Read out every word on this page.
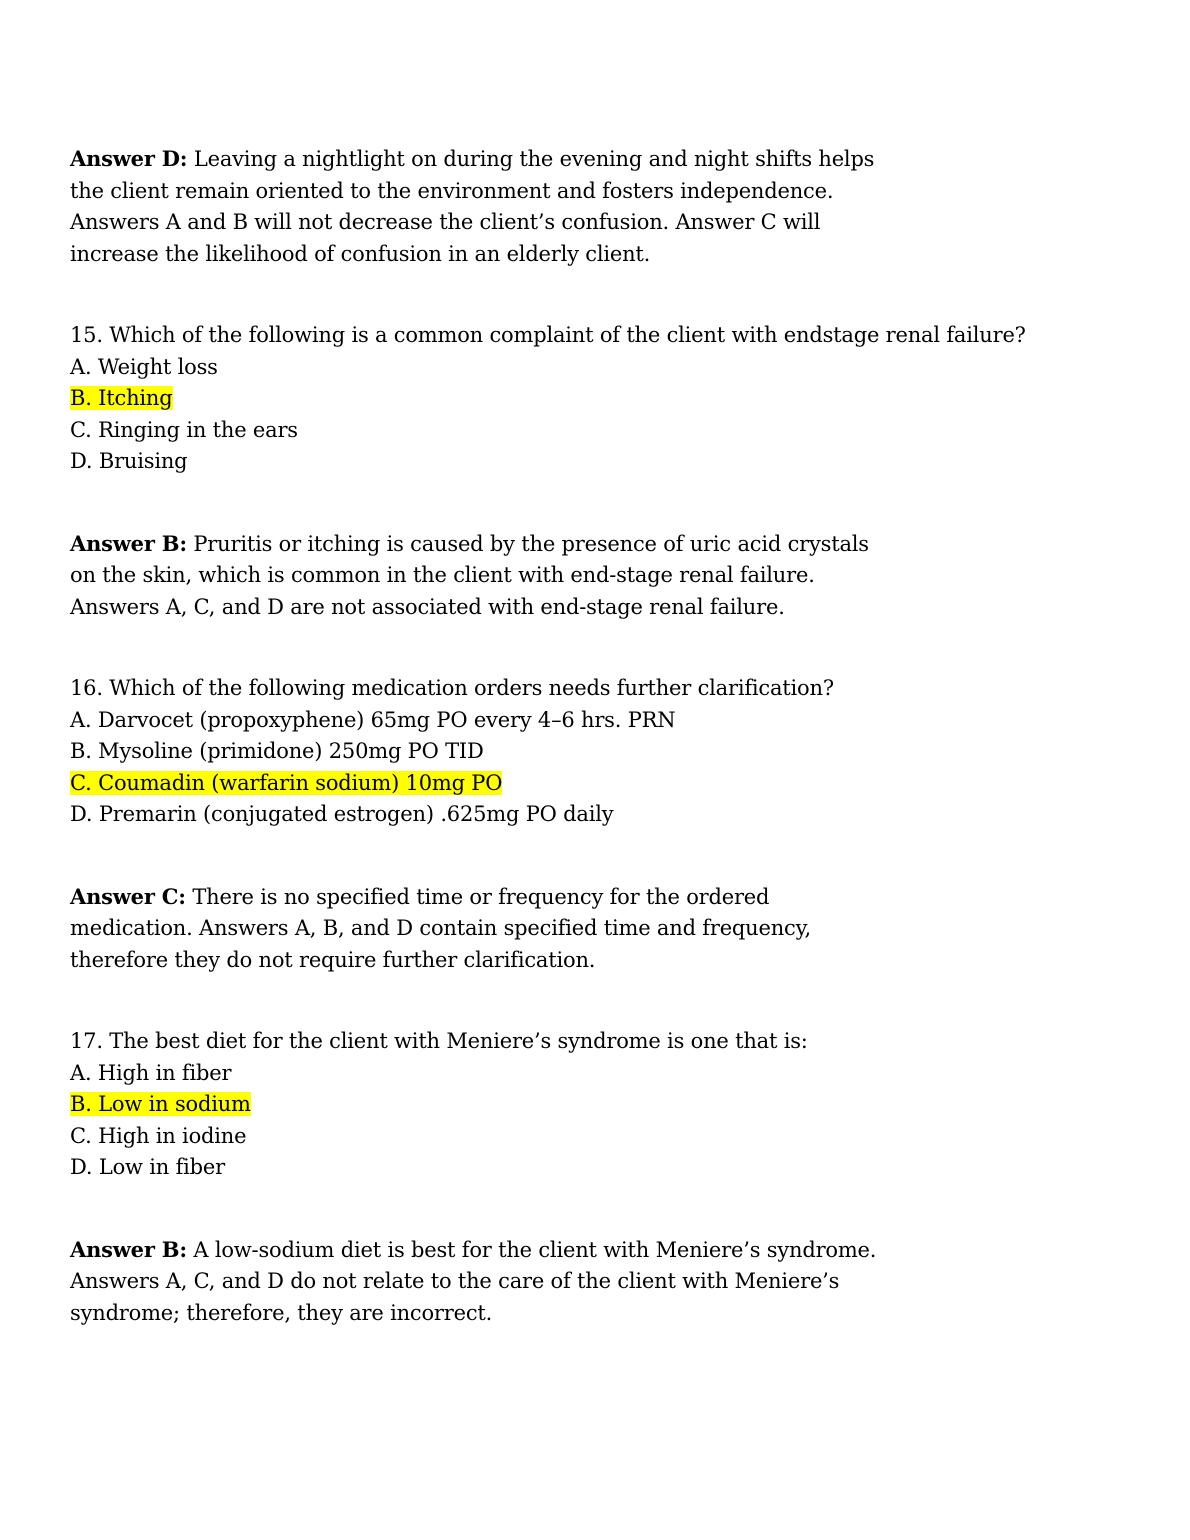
Answer D: Leaving a nightlight on during the evening and night shifts helps
the client remain oriented to the environment and fosters independence.
Answers A and B will not decrease the client’s confusion. Answer C will
increase the likelihood of confusion in an elderly client.
15. Which of the following is a common complaint of the client with endstage renal failure?
A. Weight loss
B. Itching
C. Ringing in the ears
D. Bruising
Answer B: Pruritis or itching is caused by the presence of uric acid crystals
on the skin, which is common in the client with end-stage renal failure.
Answers A, C, and D are not associated with end-stage renal failure.
16. Which of the following medication orders needs further clarification?
A. Darvocet (propoxyphene) 65mg PO every 4–6 hrs. PRN
B. Mysoline (primidone) 250mg PO TID
C. Coumadin (warfarin sodium) 10mg PO
D. Premarin (conjugated estrogen) .625mg PO daily
Answer C: There is no specified time or frequency for the ordered
medication. Answers A, B, and D contain specified time and frequency,
therefore they do not require further clarification.
17. The best diet for the client with Meniere’s syndrome is one that is:
A. High in fiber
B. Low in sodium
C. High in iodine
D. Low in fiber
Answer B: A low-sodium diet is best for the client with Meniere’s syndrome.
Answers A, C, and D do not relate to the care of the client with Meniere’s
syndrome; therefore, they are incorrect.
